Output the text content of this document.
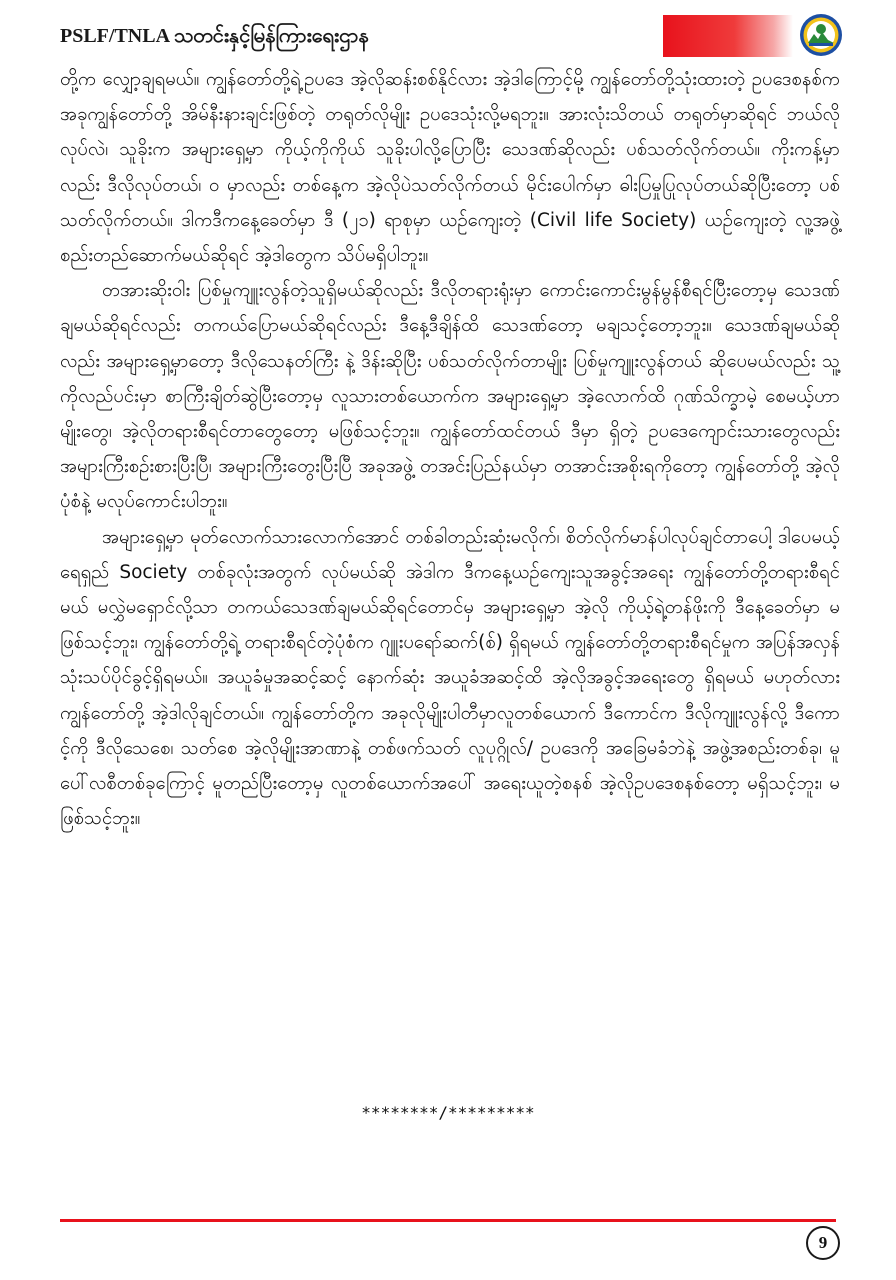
PSLF/TNLA သတင်းနှင့်မြန်ကြားရေးဌာန

တို့က လျှော့ချရမယ်။ ကျွန်တော်တို့ရဲ့ဥပဒေ အဲ့လိုဆန်းစစ်နိုင်လား အဲ့ဒါကြောင့်မို့ ကျွန်တော်တို့သုံးထားတဲ့ ဥပဒေစနစ်က အခုကျွန်တော်တို့ အိမ်နီးနားချင်းဖြစ်တဲ့ တရုတ်လိုမျိုး ဥပဒေသုံးလို့မရဘူး။ အားလုံးသိတယ် တရုတ်မှာဆိုရင် ဘယ်လိုလုပ်လဲ၊ သူခိုးက အများရှေ့မှာ ကိုယ့်ကိုကိုယ် သူခိုးပါလို့ပြောပြီး သေဒဏ်ဆိုလည်း ပစ်သတ်လိုက်တယ်။ ကိုးကန့်မှာလည်း ဒီလိုလုပ်တယ်၊ ဝ မှာလည်း တစ်နေ့က အဲ့လိုပဲသတ်လိုက်တယ် မိုင်းပေါက်မှာ ဓါးပြမှုပြုလုပ်တယ်ဆိုပြီးတော့ ပစ်သတ်လိုက်တယ်။ ဒါကဒီကနေ့ခေတ်မှာ ဒီ (၂၁) ရာစုမှာ ယဉ်ကျေးတဲ့ (Civil life Society) ယဉ်ကျေးတဲ့ လူ့အဖွဲ့စည်းတည်ဆောက်မယ်ဆိုရင် အဲ့ဒါတွေက သိပ်မရှိပါဘူး။

တအားဆိုးဝါး ပြစ်မှုကျူးလွန်တဲ့သူရှိမယ်ဆိုလည်း ဒီလိုတရားရုံးမှာ ကောင်းကောင်းမွန်မွန်စီရင်ပြီးတော့မှ သေဒဏ်ချမယ်ဆိုရင်လည်း တကယ်ပြောမယ်ဆိုရင်လည်း ဒီနေ့ဒီချိန်ထိ သေဒဏ်တော့ မချသင့်တော့ဘူး။ သေဒဏ်ချမယ်ဆိုလည်း အများရှေ့မှာတော့ ဒီလိုသေနတ်ကြီး နဲ့ ဒိန်းဆိုပြီး ပစ်သတ်လိုက်တာမျိုး ပြစ်မှုကျူးလွန်တယ် ဆိုပေမယ်လည်း သူ့ကိုလည်ပင်းမှာ စာကြီးချိတ်ဆွဲပြီးတော့မှ လူသားတစ်ယောက်က အများရှေ့မှာ အဲ့လောက်ထိ ဂုဏ်သိက္ခာမဲ့ စေမယ့်ဟာမျိုးတွေ၊ အဲ့လိုတရားစီရင်တာတွေတော့ မဖြစ်သင့်ဘူး။ ကျွန်တော်ထင်တယ် ဒီမှာ ရှိတဲ့ ဥပဒေကျောင်းသားတွေလည်း အများကြီးစဉ်းစားပြီးပြီ၊ အများကြီးတွေးပြီးပြီ အခုအဖွဲ့ တအင်းပြည်နယ်မှာ တအာင်းအစိုးရကိုတော့ ကျွန်တော်တို့ အဲ့လိုပုံစံနဲ့ မလုပ်ကောင်းပါဘူး။

အများရှေ့မှာ မုတ်လောက်သားလောက်အောင် တစ်ခါတည်းဆုံးမလိုက်၊ စိတ်လိုက်မာန်ပါလုပ်ချင်တာပေါ့ ဒါပေမယ့် ရေရှည် Society တစ်ခုလုံးအတွက် လုပ်မယ်ဆို အဲဒါက ဒီကနေ့ယဉ်ကျေးသူအခွင့်အရေး ကျွန်တော်တို့တရားစီရင်မယ် မလွှဲမရှောင်လို့သာ တကယ်သေဒဏ်ချမယ်ဆိုရင်တောင်မှ အများရှေ့မှာ အဲ့လို ကိုယ့်ရဲ့တန်ဖိုးကို ဒီနေ့ခေတ်မှာ မဖြစ်သင့်ဘူး၊ ကျွန်တော်တို့ရဲ့ တရားစီရင်တဲ့ပုံစံက ဂျူးပရော်ဆက်(စ်) ရှိရမယ် ကျွန်တော်တို့တရားစီရင်မှုက အပြန်အလှန် သုံးသပ်ပိုင်ခွင့်ရှိရမယ်။ အယူခံမှုအဆင့်ဆင့် နောက်ဆုံး အယူခံအဆင့်ထိ အဲ့လိုအခွင့်အရေးတွေ ရှိရမယ် မဟုတ်လား ကျွန်တော်တို့ အဲ့ဒါလိုချင်တယ်။ ကျွန်တော်တို့က အခုလိုမျိုးပါတီမှာလူတစ်ယောက် ဒီကောင်က ဒီလိုကျူးလွန်လို့ ဒီကောင့်ကို ဒီလိုသေစေ၊ သတ်စေ အဲ့လိုမျိုးအာဏာနဲ့ တစ်ဖက်သတ် လူပုဂ္ဂိုလ်/ ဥပဒေကို အခြေမခံဘဲနဲ့ အဖွဲ့အစည်းတစ်ခု၊ မူပေါ်လစီတစ်ခုကြောင့် မူတည်ပြီးတော့မှ လူတစ်ယောက်အပေါ် အရေးယူတဲ့စနစ် အဲ့လိုဥပဒေစနစ်တော့ မရှိသင့်ဘူး၊ မဖြစ်သင့်ဘူး။

********/*********
9
